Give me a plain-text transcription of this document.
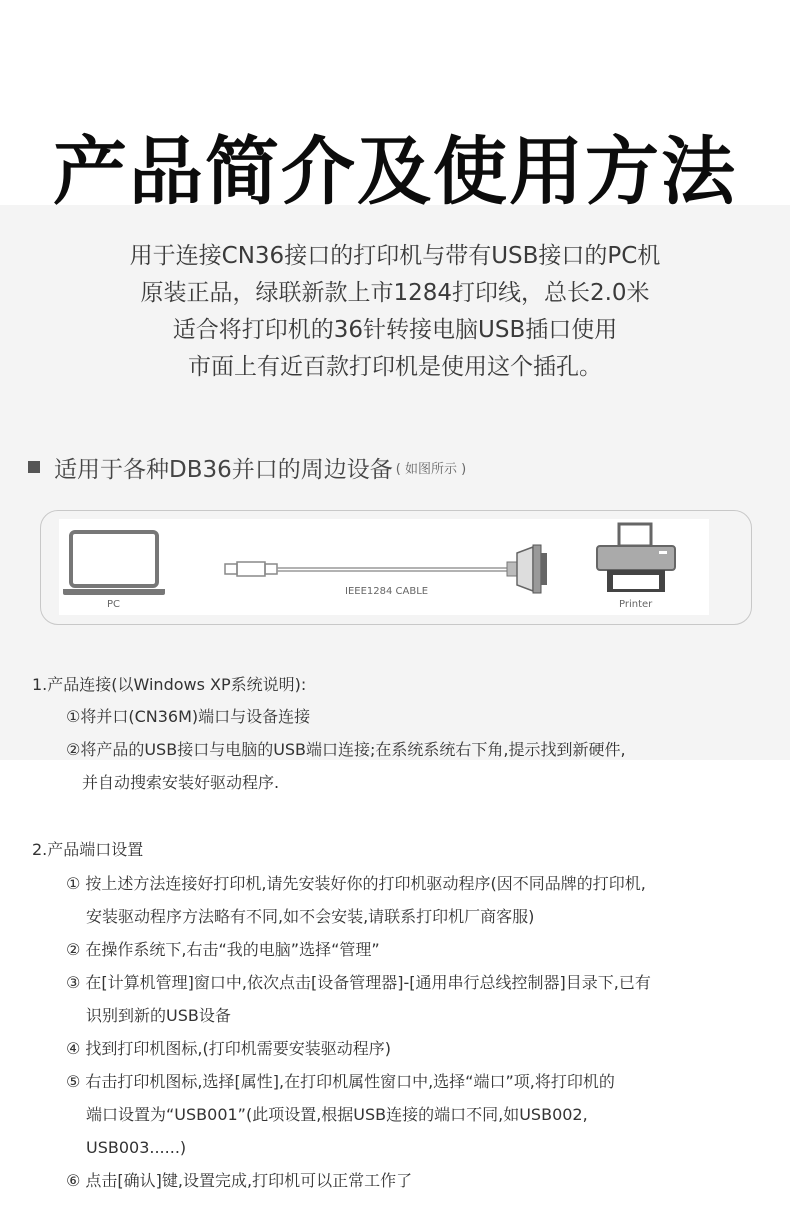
产品简介及使用方法
用于连接CN36接口的打印机与带有USB接口的PC机
原装正品，绿联新款上市1284打印线，总长2.0米
适合将打印机的36针转接电脑USB插口使用
市面上有近百款打印机是使用这个插孔。
适用于各种DB36并口的周边设备 ( 如图所示 )
PC
IEEE1284 CABLE
Printer
1.产品连接(以Windows XP系统说明):
①将并口(CN36M)端口与设备连接
②将产品的USB接口与电脑的USB端口连接;在系统系统右下角,提示找到新硬件,
并自动搜索安装好驱动程序.
2.产品端口设置
① 按上述方法连接好打印机,请先安装好你的打印机驱动程序(因不同品牌的打印机,
安装驱动程序方法略有不同,如不会安装,请联系打印机厂商客服)
② 在操作系统下,右击“我的电脑”选择“管理”
③ 在[计算机管理]窗口中,依次点击[设备管理器]-[通用串行总线控制器]目录下,已有
识别到新的USB设备
④ 找到打印机图标,(打印机需要安装驱动程序)
⑤ 右击打印机图标,选择[属性],在打印机属性窗口中,选择“端口”项,将打印机的
端口设置为“USB001”(此项设置,根据USB连接的端口不同,如USB002,
USB003......)
⑥ 点击[确认]键,设置完成,打印机可以正常工作了
